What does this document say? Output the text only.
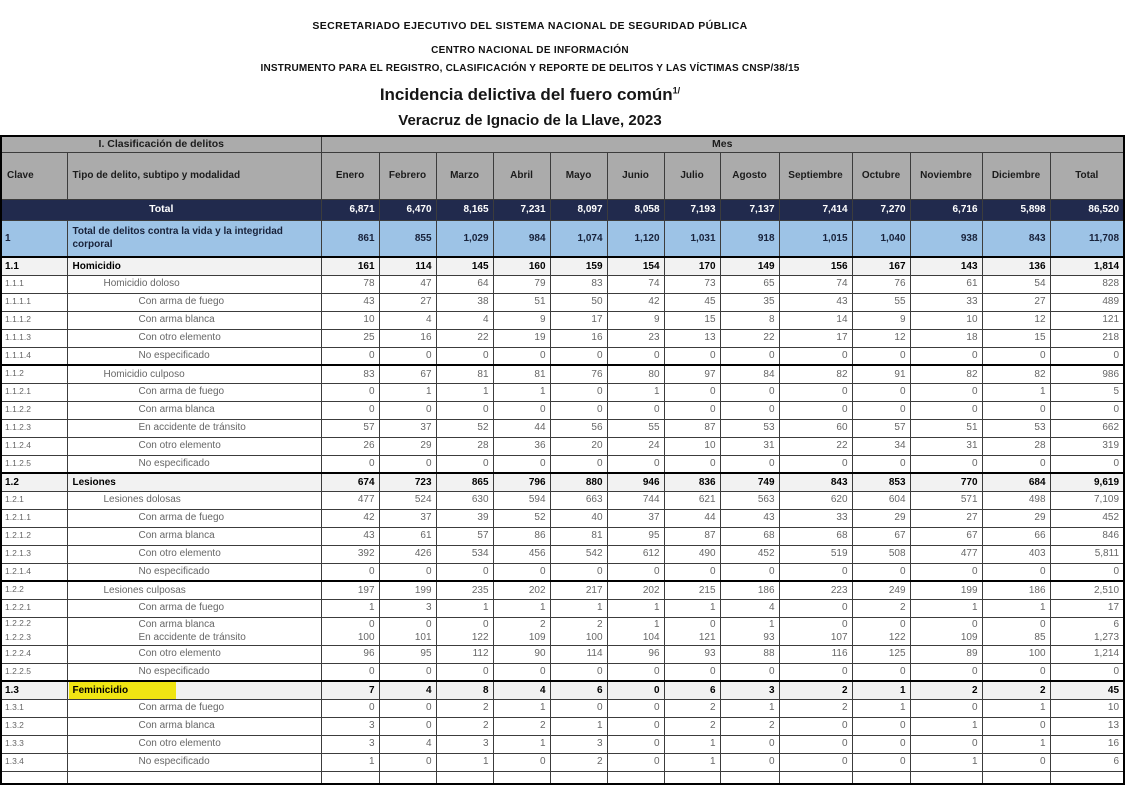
SECRETARIADO EJECUTIVO DEL SISTEMA NACIONAL DE SEGURIDAD PÚBLICA
CENTRO NACIONAL DE INFORMACIÓN
INSTRUMENTO PARA EL REGISTRO, CLASIFICACIÓN Y REPORTE DE DELITOS Y LAS VÍCTIMAS CNSP/38/15
Incidencia delictiva del fuero común$^{1/}$
Veracruz de Ignacio de la Llave, 2023
I. Clasificación de delitos		Mes												
Clave	Tipo de delito, subtipo y modalidad	Enero	Febrero	Marzo	Abril	Mayo	Junio	Julio	Agosto	Septiembre	Octubre	Noviembre	Diciembre	Total
Total		6,871	6,470	8,165	7,231	8,097	8,058	7,193	7,137	7,414	7,270	6,716	5,898	86,520
1	Total de delitos contra la vida y la integridad corporal	861	855	1,029	984	1,074	1,120	1,031	918	1,015	1,040	938	843	11,708
1.1	Homicidio	161	114	145	160	159	154	170	149	156	167	143	136	1,814
1.1.1	Homicidio doloso	78	47	64	79	83	74	73	65	74	76	61	54	828
1.1.1.1	Con arma de fuego	43	27	38	51	50	42	45	35	43	55	33	27	489
1.1.1.2	Con arma blanca	10	4	4	9	17	9	15	8	14	9	10	12	121
1.1.1.3	Con otro elemento	25	16	22	19	16	23	13	22	17	12	18	15	218
1.1.1.4	No especificado	0	0	0	0	0	0	0	0	0	0	0	0	0
1.1.2	Homicidio culposo	83	67	81	81	76	80	97	84	82	91	82	82	986
1.1.2.1	Con arma de fuego	0	1	1	1	0	1	0	0	0	0	0	1	5
1.1.2.2	Con arma blanca	0	0	0	0	0	0	0	0	0	0	0	0	0
1.1.2.3	En accidente de tránsito	57	37	52	44	56	55	87	53	60	57	51	53	662
1.1.2.4	Con otro elemento	26	29	28	36	20	24	10	31	22	34	31	28	319
1.1.2.5	No especificado	0	0	0	0	0	0	0	0	0	0	0	0	0
1.2	Lesiones	674	723	865	796	880	946	836	749	843	853	770	684	9,619
1.2.1	Lesiones dolosas	477	524	630	594	663	744	621	563	620	604	571	498	7,109
1.2.1.1	Con arma de fuego	42	37	39	52	40	37	44	43	33	29	27	29	452
1.2.1.2	Con arma blanca	43	61	57	86	81	95	87	68	68	67	67	66	846
1.2.1.3	Con otro elemento	392	426	534	456	542	612	490	452	519	508	477	403	5,811
1.2.1.4	No especificado	0	0	0	0	0	0	0	0	0	0	0	0	0
1.2.2	Lesiones culposas	197	199	235	202	217	202	215	186	223	249	199	186	2,510
1.2.2.1	Con arma de fuego	1	3	1	1	1	1	1	4	0	2	1	1	17
1.2.2.2	Con arma blanca	0	0	0	2	2	1	0	1	0	0	0	0	6
1.2.2.3	En accidente de tránsito	100	101	122	109	100	104	121	93	107	122	109	85	1,273
1.2.2.4	Con otro elemento	96	95	112	90	114	96	93	88	116	125	89	100	1,214
1.2.2.5	No especificado	0	0	0	0	0	0	0	0	0	0	0	0	0
1.3	Feminicidio	7	4	8	4	6	0	6	3	2	1	2	2	45
1.3.1	Con arma de fuego	0	0	2	1	0	0	2	1	2	1	0	1	10
1.3.2	Con arma blanca	3	0	2	2	1	0	2	2	0	0	1	0	13
1.3.3	Con otro elemento	3	4	3	1	3	0	1	0	0	0	0	1	16
1.3.4	No especificado	1	0	1	0	2	0	1	0	0	0	1	0	6
